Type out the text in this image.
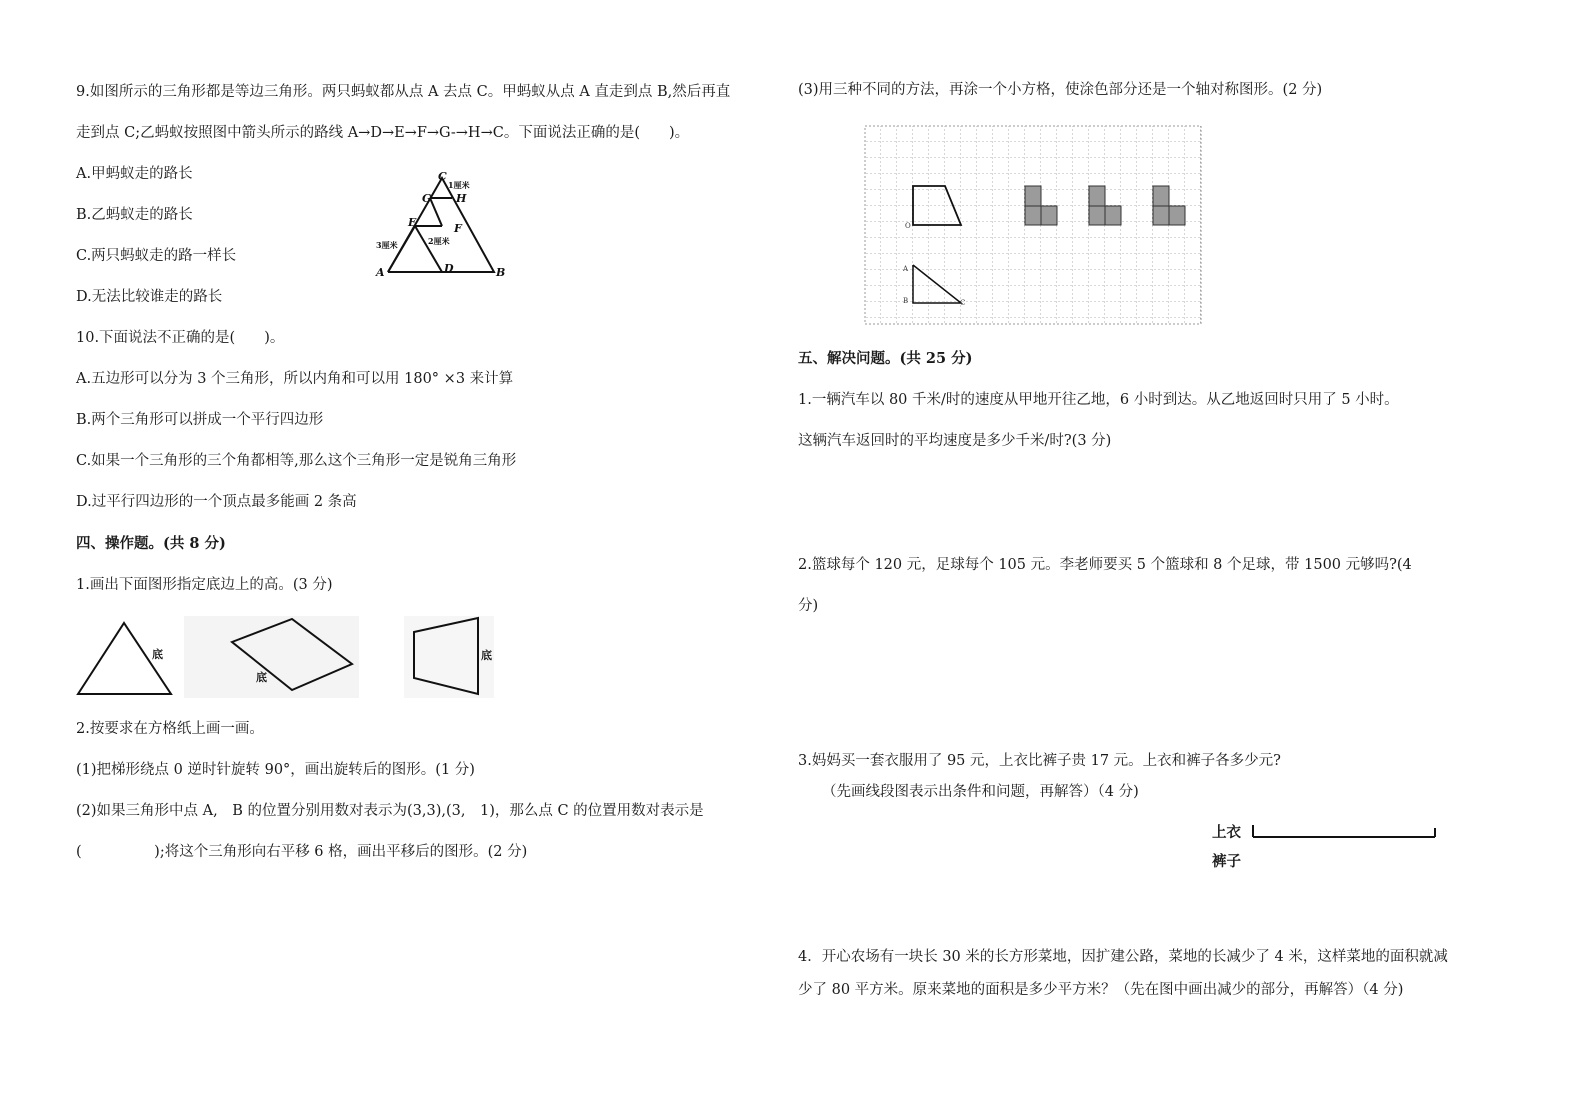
9.如图所示的三角形都是等边三角形。两只蚂蚁都从点 A 去点 C。甲蚂蚁从点 A 直走到点 B,然后再直
走到点 C;乙蚂蚁按照图中箭头所示的路线 A→D→E→F→G-→H→C。下面说法正确的是(　　)。
A.甲蚂蚁走的路长
B.乙蚂蚁走的路长
C.两只蚂蚁走的路一样长
D.无法比较谁走的路长
C
A	B
D
E	F
G H
1厘米
2厘米
3厘米
10.下面说法不正确的是(　　)。
A.五边形可以分为 3 个三角形，所以内角和可以用 180° ×3 来计算
B.两个三角形可以拼成一个平行四边形
C.如果一个三角形的三个角都相等,那么这个三角形一定是锐角三角形
D.过平行四边形的一个顶点最多能画 2 条高
四、操作题。(共 8 分)
1.画出下面图形指定底边上的高。(3 分)
底
底
底
2.按要求在方格纸上画一画。
(1)把梯形绕点 0 逆时针旋转 90°，画出旋转后的图形。(1 分)
(2)如果三角形中点 A,　B 的位置分别用数对表示为(3,3),(3,　1)，那么点 C 的位置用数对表示是
(　　　　　);将这个三角形向右平移 6 格，画出平移后的图形。(2 分)
(3)用三种不同的方法，再涂一个小方格，使涂色部分还是一个轴对称图形。(2 分)
O
A
B	C
五、解决问题。(共 25 分)
1.一辆汽车以 80 千米/时的速度从甲地开往乙地，6 小时到达。从乙地返回时只用了 5 小时。
这辆汽车返回时的平均速度是多少千米/时?(3 分)
2.篮球每个 120 元，足球每个 105 元。李老师要买 5 个篮球和 8 个足球，带 1500 元够吗?(4
分)
3.妈妈买一套衣服用了 95 元，上衣比裤子贵 17 元。上衣和裤子各多少元?
（先画线段图表示出条件和问题，再解答）（4 分)
上衣
裤子
4．开心农场有一块长 30 米的长方形菜地，因扩建公路，菜地的长减少了 4 米，这样菜地的面积就减
少了 80 平方米。原来菜地的面积是多少平方米？（先在图中画出减少的部分，再解答）（4 分)
